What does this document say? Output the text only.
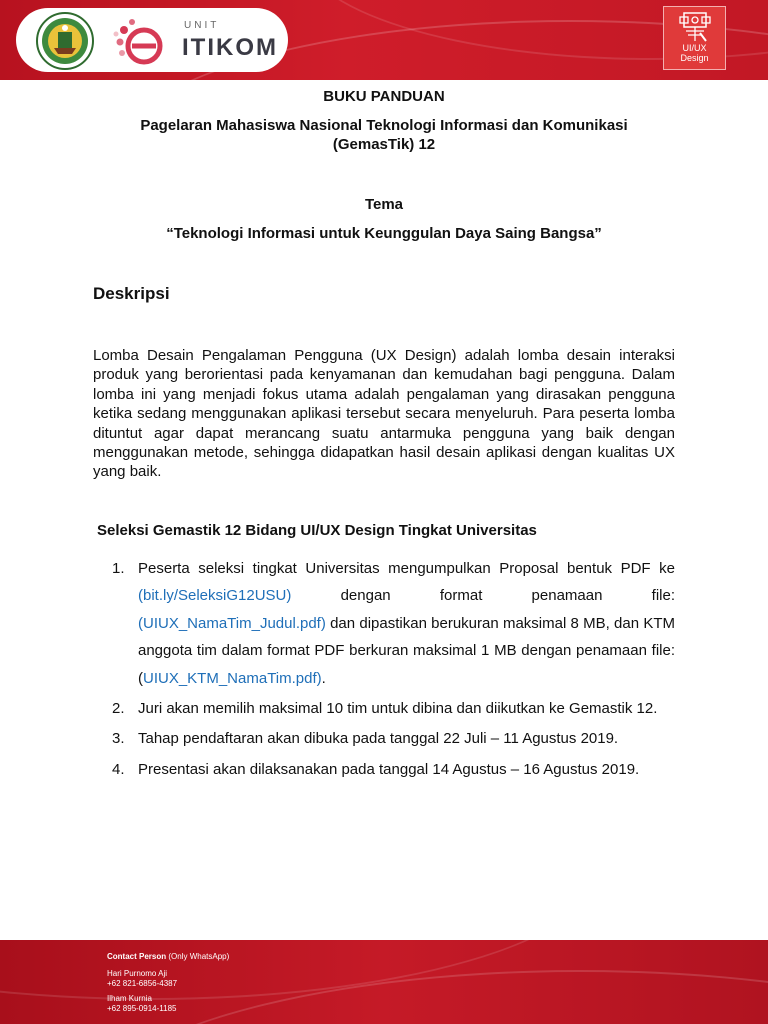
UNIT
ITIKOM	UI/UX
Design
BUKU PANDUAN
Pagelaran Mahasiswa Nasional Teknologi Informasi dan Komunikasi
(GemasTik) 12
Tema
“Teknologi Informasi untuk Keunggulan Daya Saing Bangsa”
Deskripsi
Lomba Desain Pengalaman Pengguna (UX Design) adalah lomba desain interaksi produk yang berorientasi pada kenyamanan dan kemudahan bagi pengguna. Dalam lomba ini yang menjadi fokus utama adalah pengalaman yang dirasakan pengguna ketika sedang menggunakan aplikasi tersebut secara menyeluruh. Para peserta lomba dituntut agar dapat merancang suatu antarmuka pengguna yang baik dengan menggunakan metode, sehingga didapatkan hasil desain aplikasi dengan kualitas UX yang baik.
Seleksi Gemastik 12 Bidang UI/UX Design Tingkat Universitas
1. Peserta seleksi tingkat Universitas mengumpulkan Proposal bentuk PDF ke (bit.ly/SeleksiG12USU) dengan format penamaan file: (UIUX_NamaTim_Judul.pdf) dan dipastikan berukuran maksimal 8 MB, dan KTM anggota tim dalam format PDF berkuran maksimal 1 MB dengan penamaan file: (UIUX_KTM_NamaTim.pdf).
2. Juri akan memilih maksimal 10 tim untuk dibina dan diikutkan ke Gemastik 12.
3. Tahap pendaftaran akan dibuka pada tanggal 22 Juli – 11 Agustus 2019.
4. Presentasi akan dilaksanakan pada tanggal 14 Agustus – 16 Agustus 2019.
Contact Person (Only WhatsApp)
Hari Purnomo Aji
+62 821-6856-4387
Ilham Kurnia
+62 895-0914-1185
